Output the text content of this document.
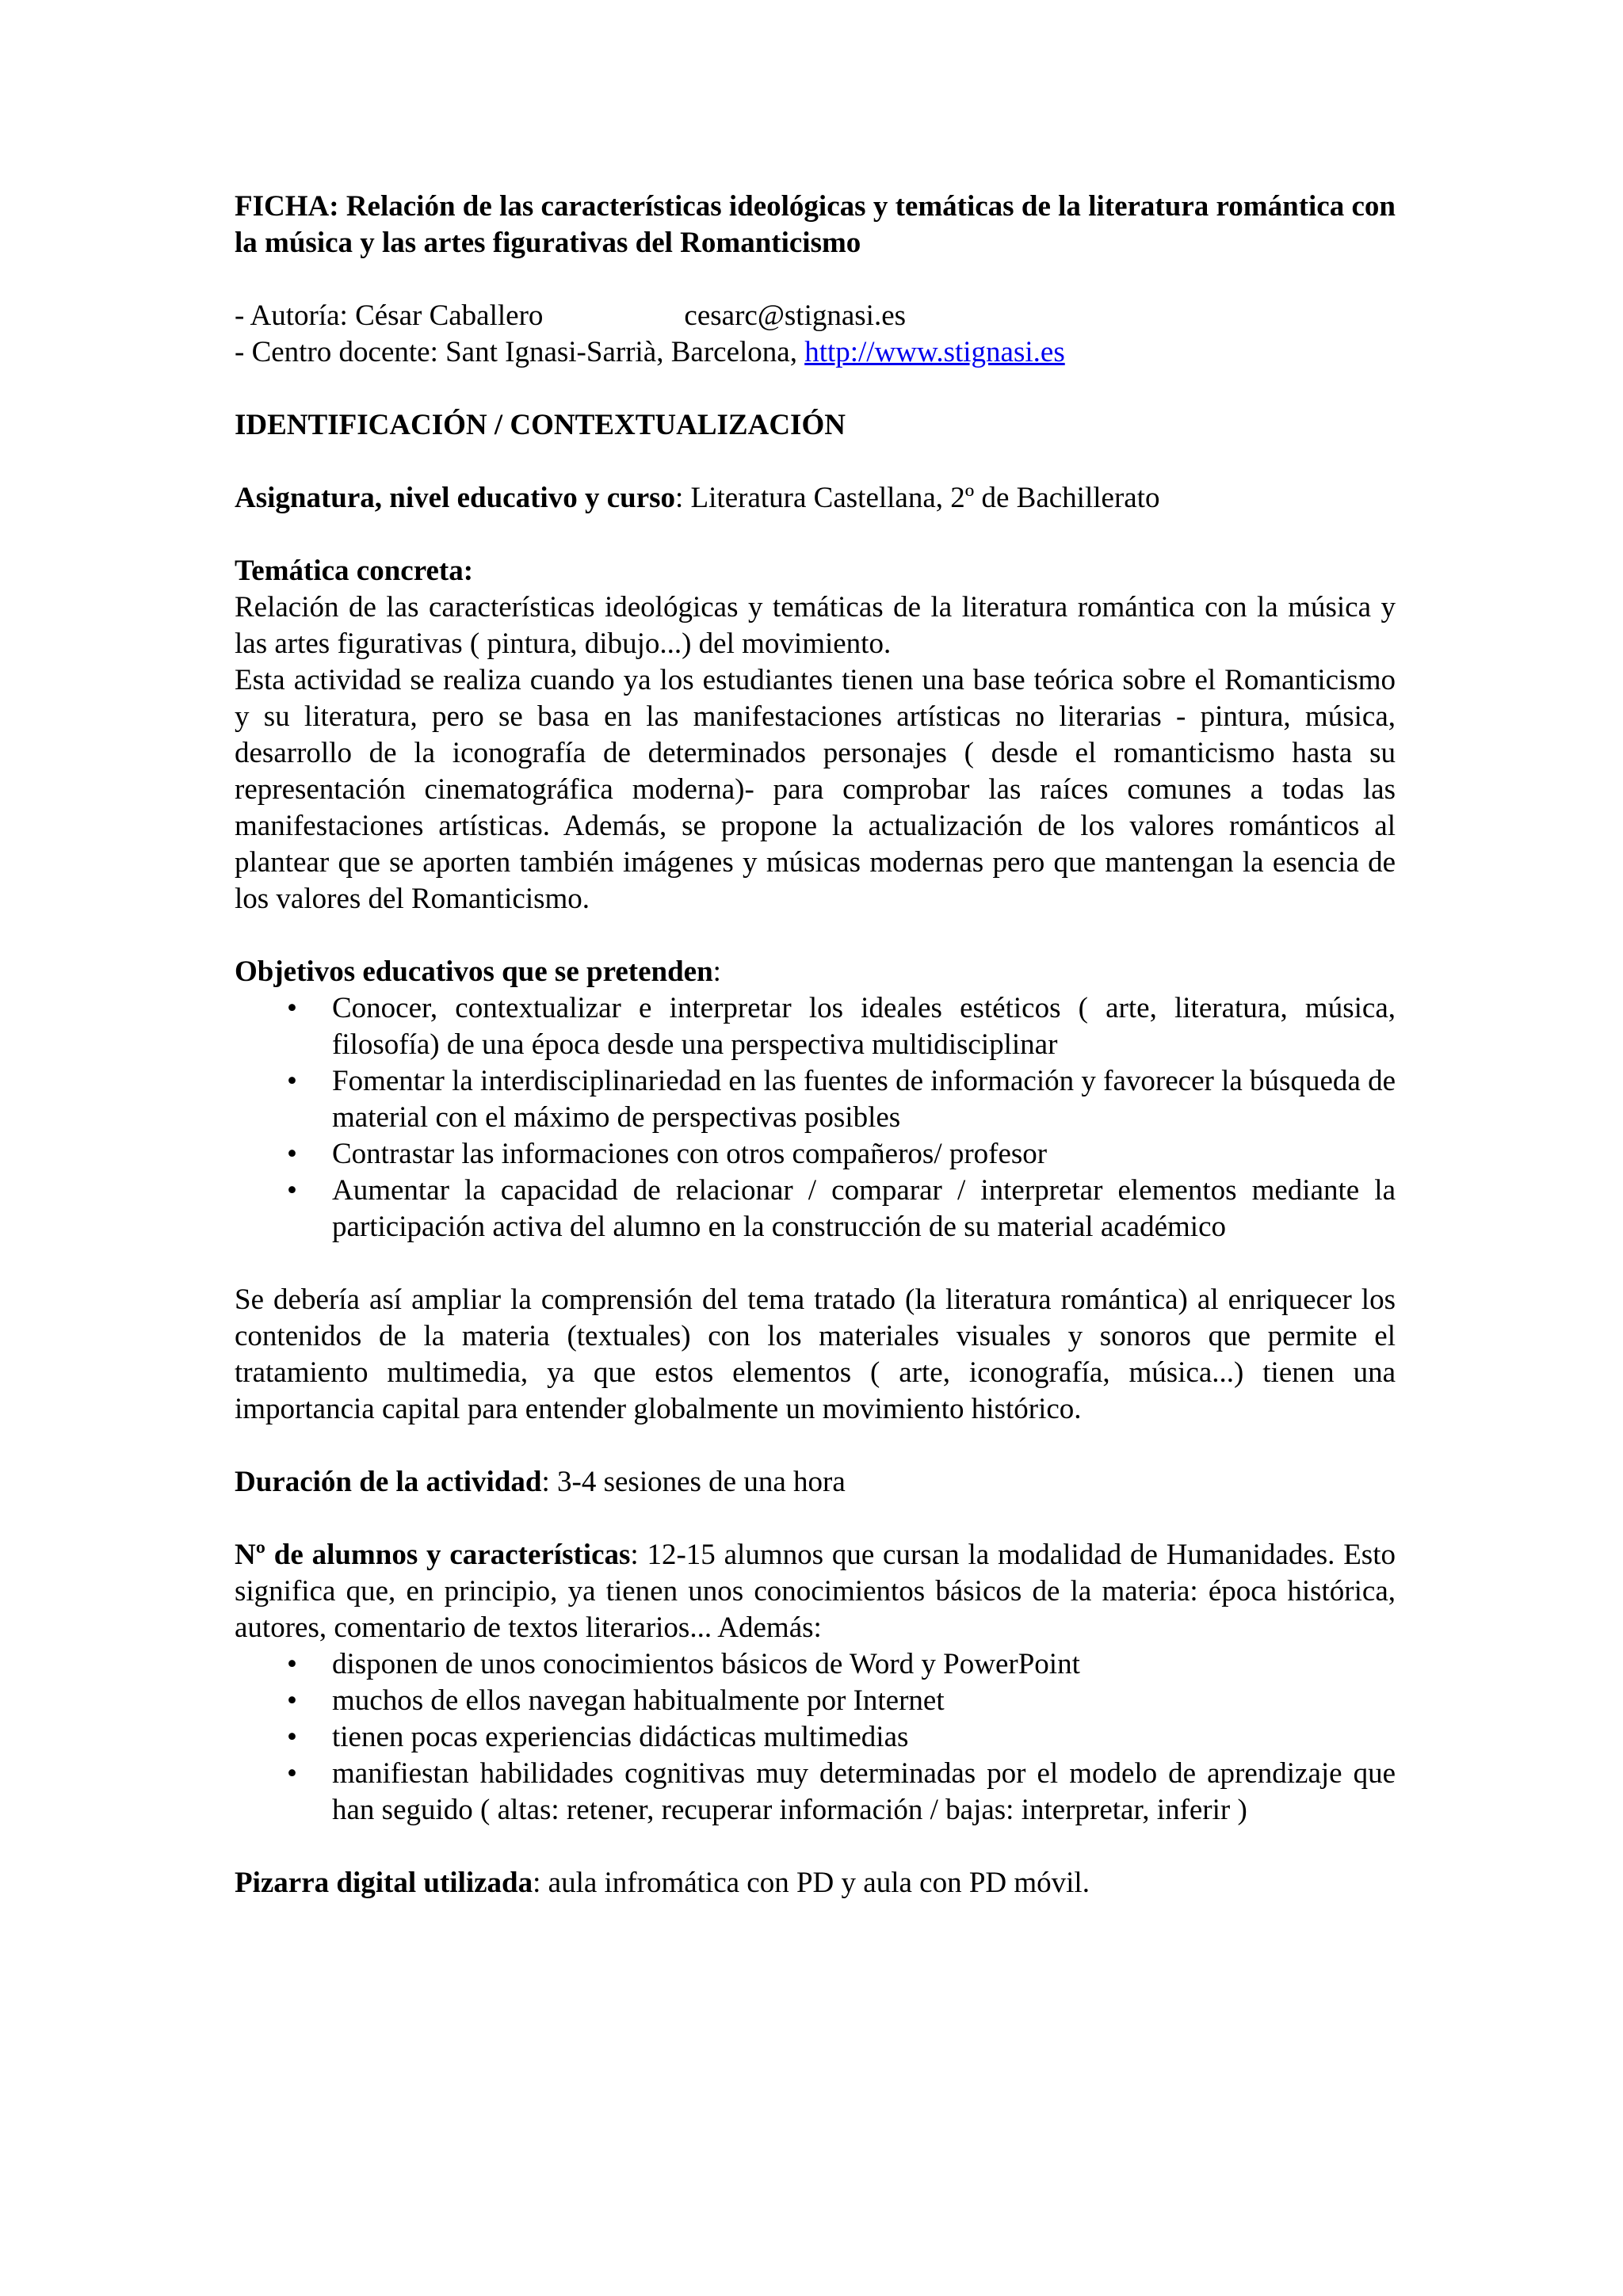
FICHA: Relación de las características ideológicas y temáticas de la literatura romántica con la música y las artes figurativas del Romanticismo

- Autoría: César Caballero	cesarc@stignasi.es
- Centro docente: Sant Ignasi-Sarrià, Barcelona, http://www.stignasi.es

IDENTIFICACIÓN / CONTEXTUALIZACIÓN

Asignatura, nivel educativo y curso: Literatura Castellana, 2º de Bachillerato

Temática concreta:

Relación de las características ideológicas y temáticas de la literatura romántica con la música y las artes figurativas ( pintura, dibujo...) del movimiento.

Esta actividad se realiza cuando ya los estudiantes tienen una base teórica sobre el Romanticismo y su literatura, pero se basa en las manifestaciones artísticas no literarias - pintura, música, desarrollo de la iconografía de determinados personajes ( desde el romanticismo hasta su representación cinematográfica moderna)- para comprobar las raíces comunes a todas las manifestaciones artísticas. Además, se propone la actualización de los valores románticos al plantear que se aporten también imágenes y músicas modernas pero que mantengan la esencia de los valores del Romanticismo.

Objetivos educativos que se pretenden:

•	Conocer, contextualizar e interpretar los ideales estéticos ( arte, literatura, música, filosofía) de una época desde una perspectiva multidisciplinar
•	Fomentar la interdisciplinariedad en las fuentes de información y favorecer la búsqueda de material con el máximo de perspectivas posibles
•	Contrastar las informaciones con otros compañeros/ profesor
•	Aumentar la capacidad de relacionar / comparar / interpretar elementos mediante la participación activa del alumno en la construcción de su material académico

Se debería así ampliar la comprensión del tema tratado (la literatura romántica) al enriquecer los contenidos de la materia (textuales) con los materiales visuales y sonoros que permite el tratamiento multimedia, ya que estos elementos ( arte, iconografía, música...) tienen una importancia capital para entender globalmente un movimiento histórico.

Duración de la actividad: 3-4 sesiones de una hora

Nº de alumnos y características: 12-15 alumnos que cursan la modalidad de Humanidades. Esto significa que, en principio, ya tienen unos conocimientos básicos de la materia: época histórica, autores, comentario de textos literarios... Además:

•	disponen de unos conocimientos básicos de Word y PowerPoint
•	muchos de ellos navegan habitualmente por Internet
•	tienen pocas experiencias didácticas multimedias
•	manifiestan habilidades cognitivas muy determinadas por el modelo de aprendizaje que han seguido ( altas: retener, recuperar información / bajas: interpretar, inferir )

Pizarra digital utilizada: aula infromática con PD y aula con PD móvil.
